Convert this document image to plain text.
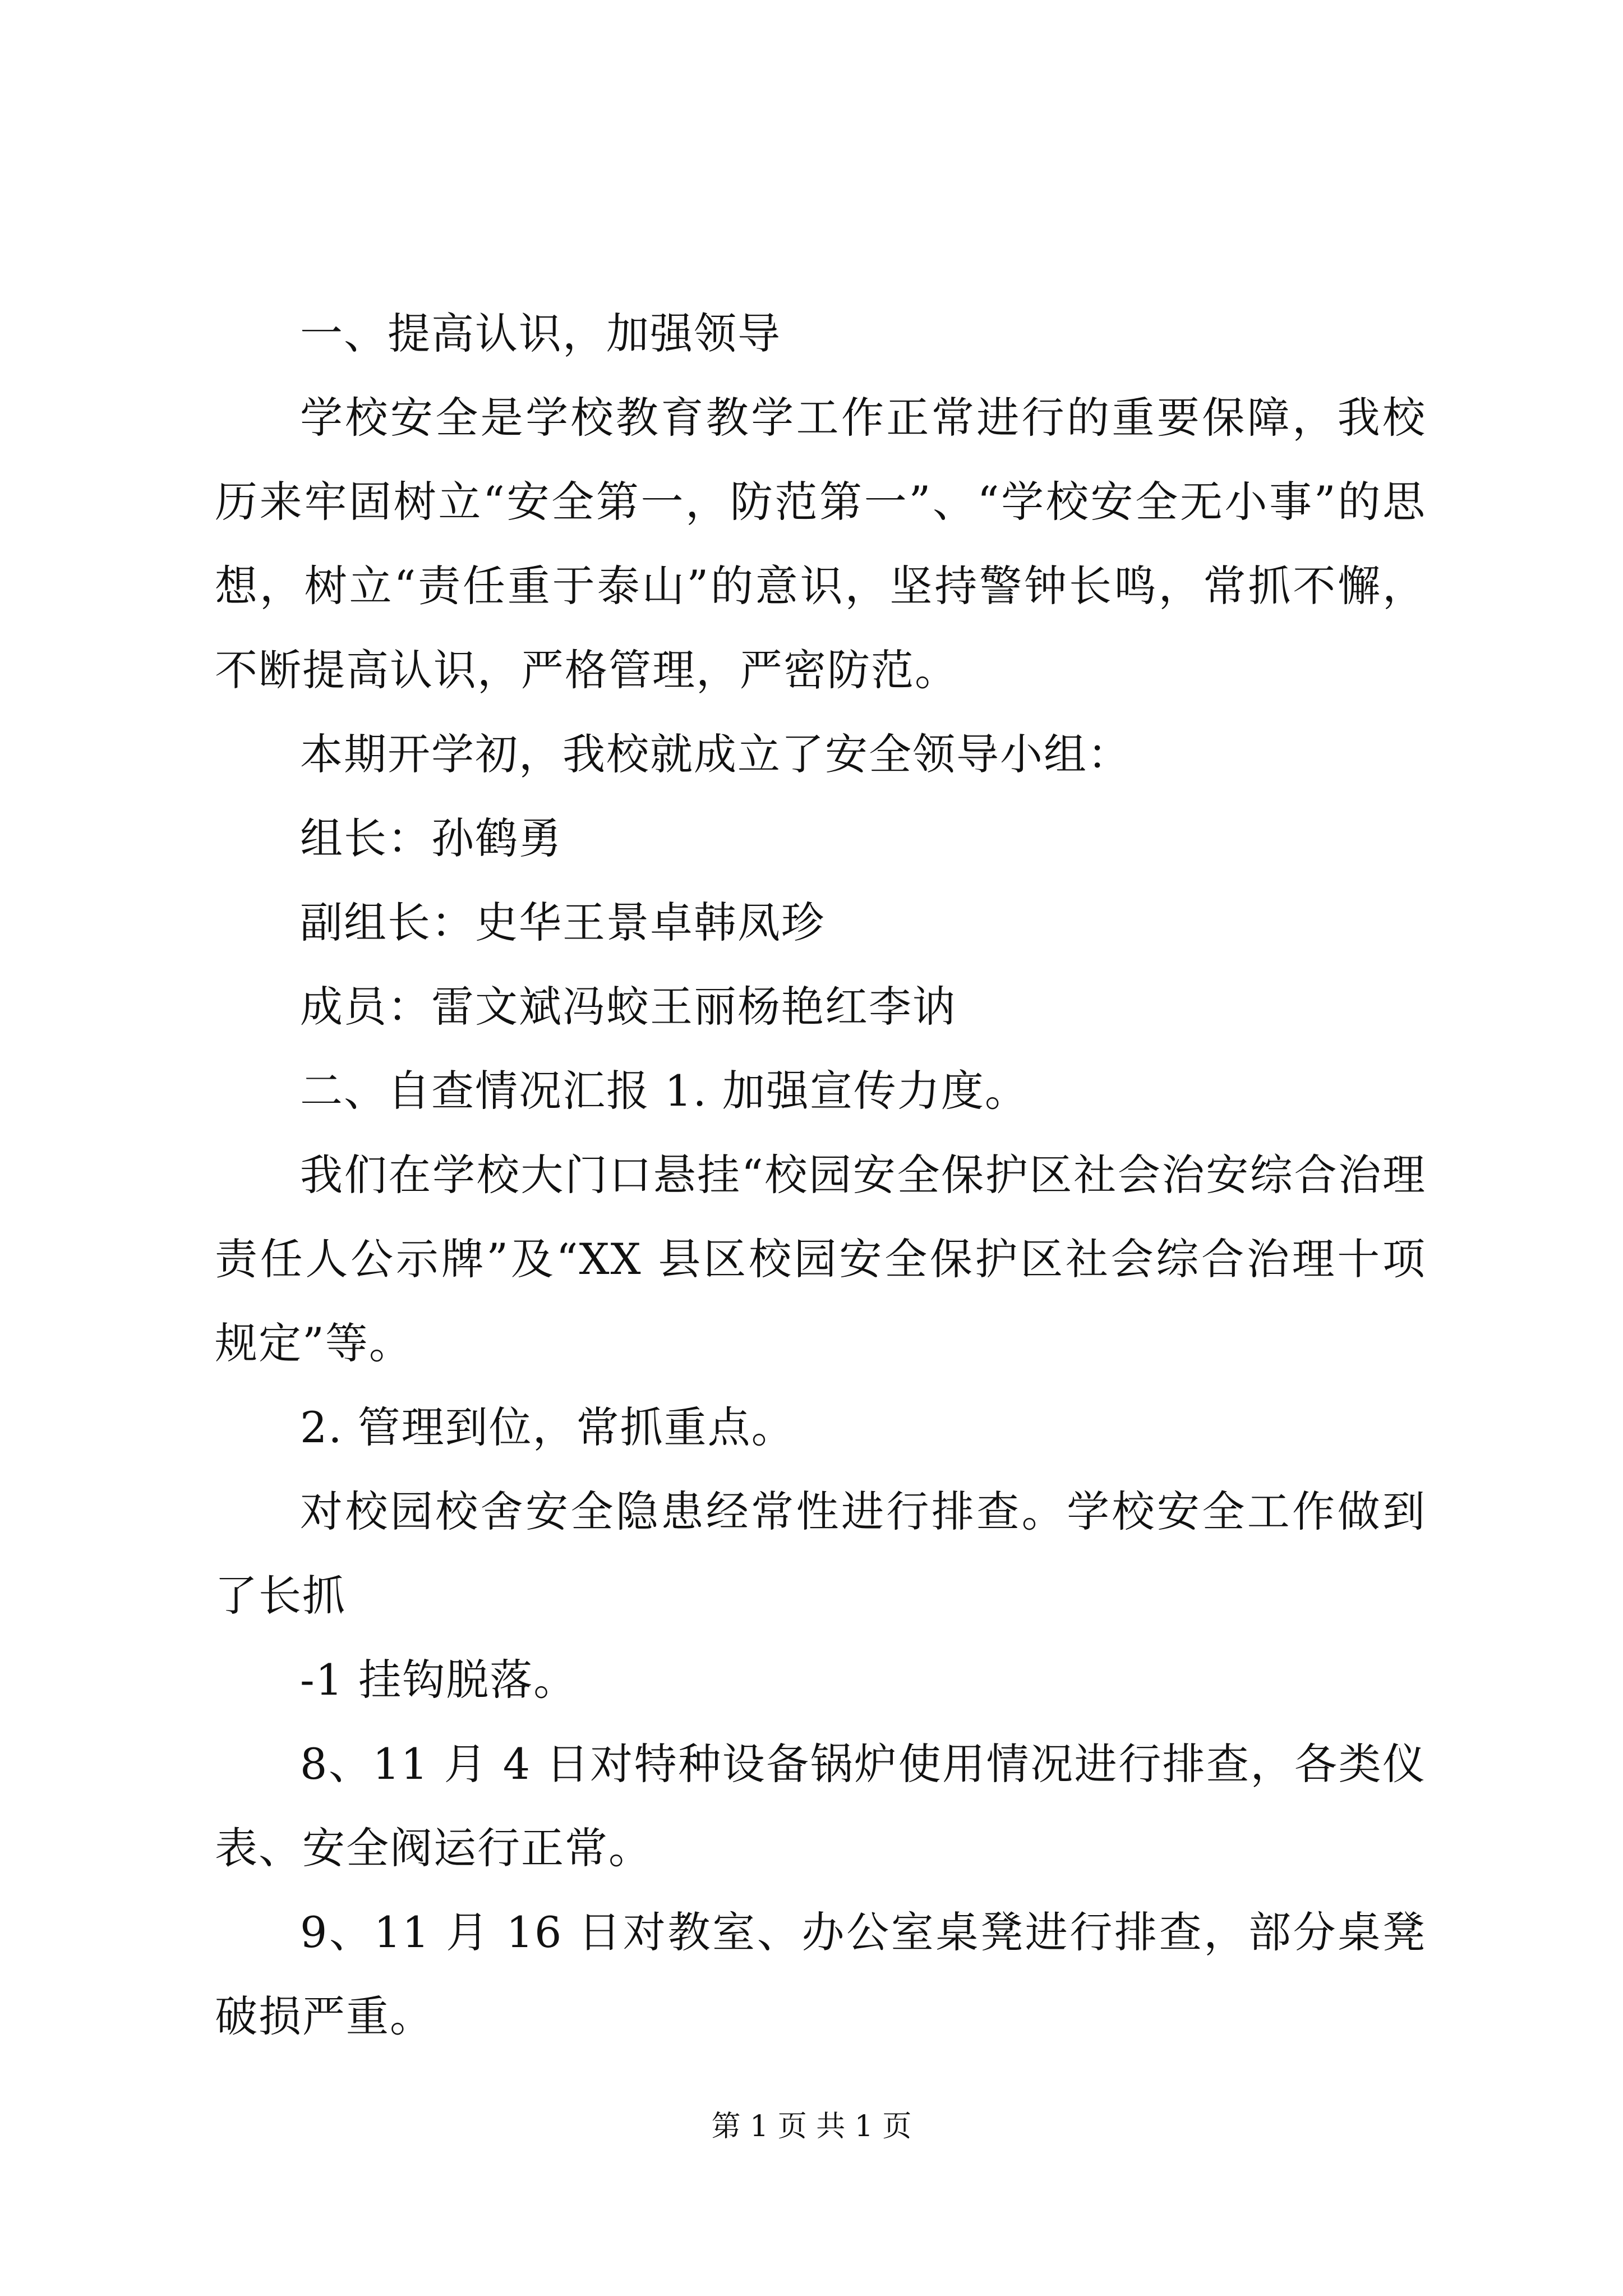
一、提高认识，加强领导

学校安全是学校教育教学工作正常进行的重要保障，我校历来牢固树立“安全第一，防范第一”、“学校安全无小事”的思想，树立“责任重于泰山”的意识，坚持警钟长鸣，常抓不懈，不断提高认识，严格管理，严密防范。

本期开学初，我校就成立了安全领导小组：

组长：孙鹤勇

副组长：史华王景卓韩凤珍

成员：雷文斌冯蛟王丽杨艳红李讷

二、自查情况汇报 1. 加强宣传力度。

我们在学校大门口悬挂“校园安全保护区社会治安综合治理责任人公示牌”及“XX 县区校园安全保护区社会综合治理十项规定”等。

2. 管理到位，常抓重点。

对校园校舍安全隐患经常性进行排查。学校安全工作做到了长抓

-1 挂钩脱落。

8、11 月 4 日对特种设备锅炉使用情况进行排查，各类仪表、安全阀运行正常。

9、11 月 16 日对教室、办公室桌凳进行排查，部分桌凳破损严重。

第 1 页 共 1 页
